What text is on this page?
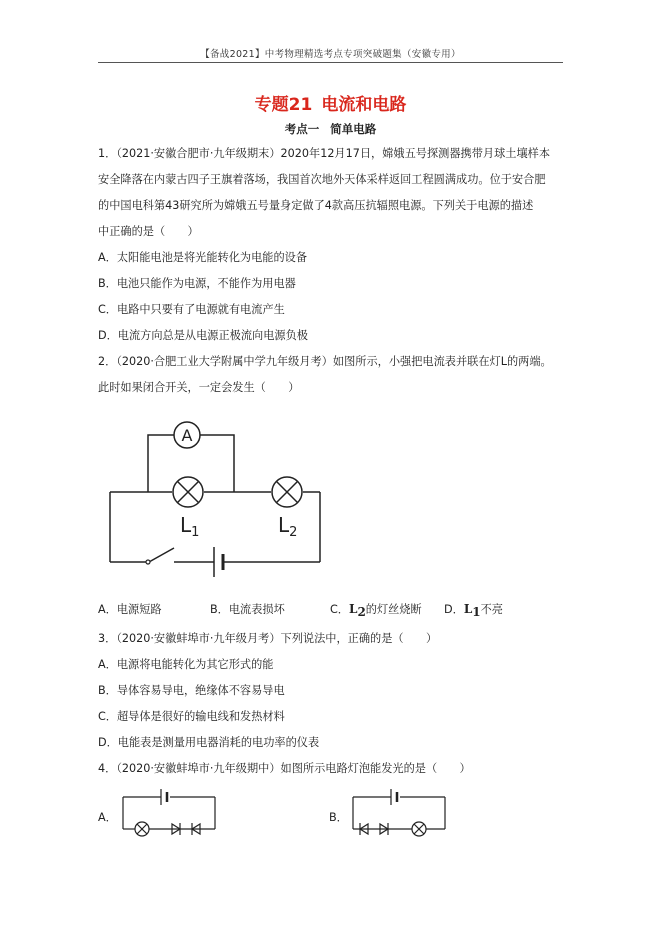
【备战2021】中考物理精选考点专项突破题集（安徽专用）
专题21 电流和电路
考点一 简单电路
1．（2021·安徽合肥市·九年级期末）2020年12月17日，嫦娥五号探测器携带月球土壤样本
安全降落在内蒙古四子王旗着落场，我国首次地外天体采样返回工程圆满成功。位于安合肥
的中国电科第43研究所为嫦娥五号量身定做了4款高压抗辐照电源。下列关于电源的描述
中正确的是（　　）
A．太阳能电池是将光能转化为电能的设备
B．电池只能作为电源，不能作为用电器
C．电路中只要有了电源就有电流产生
D．电流方向总是从电源正极流向电源负极
2．（2020·合肥工业大学附属中学九年级月考）如图所示，小强把电流表并联在灯L的两端。
此时如果闭合开关，一定会发生（　　）
A
$L_1$	$L_2$
A．电源短路	B．电流表损坏	C．$L_2$的灯丝烧断 D．$L_1$不亮
3．（2020·安徽蚌埠市·九年级月考）下列说法中，正确的是（　　）
A．电源将电能转化为其它形式的能
B．导体容易导电，绝缘体不容易导电
C．超导体是很好的输电线和发热材料
D．电能表是测量用电器消耗的电功率的仪表
4．（2020·安徽蚌埠市·九年级期中）如图所示电路灯泡能发光的是（　　）
A．	B．
